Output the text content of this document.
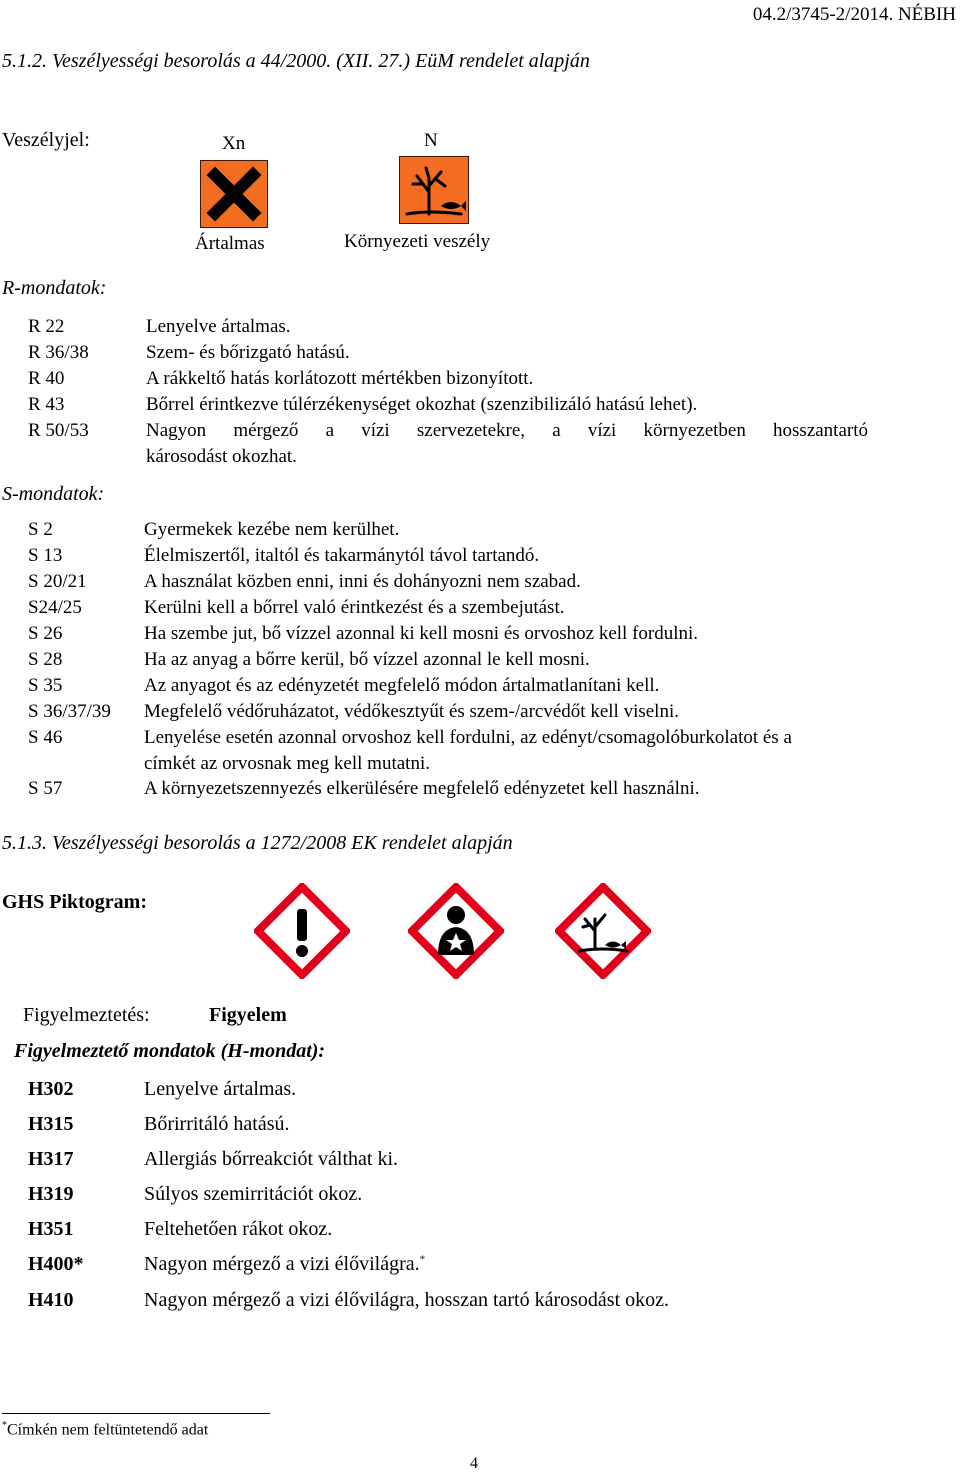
04.2/3745-2/2014. NÉBIH
5.1.2. Veszélyességi besorolás a 44/2000. (XII. 27.) EüM rendelet alapján
Veszélyjel:	Xn
Ártalmas
N
Környezeti veszély
R-mondatok:
R 22	Lenyelve ártalmas.
R 36/38	Szem- és bőrizgató hatású.
R 40	A rákkeltő hatás korlátozott mértékben bizonyított.
R 43	Bőrrel érintkezve túlérzékenységet okozhat (szenzibilizáló hatású lehet).
R 50/53	Nagyon mérgező a vízi szervezetekre, a vízi környezetben hosszantartó
károsodást okozhat.
S-mondatok:
S 2	Gyermekek kezébe nem kerülhet.
S 13	Élelmiszertől, italtól és takarmánytól távol tartandó.
S 20/21	A használat közben enni, inni és dohányozni nem szabad.
S24/25	Kerülni kell a bőrrel való érintkezést és a szembejutást.
S 26	Ha szembe jut, bő vízzel azonnal ki kell mosni és orvoshoz kell fordulni.
S 28	Ha az anyag a bőrre kerül, bő vízzel azonnal le kell mosni.
S 35	Az anyagot és az edényzetét megfelelő módon ártalmatlanítani kell.
S 36/37/39 Megfelelő védőruházatot, védőkesztyűt és szem-/arcvédőt kell viselni.
S 46	Lenyelése esetén azonnal orvoshoz kell fordulni, az edényt/csomagolóburkolatot és a
címkét az orvosnak meg kell mutatni.
S 57	A környezetszennyezés elkerülésére megfelelő edényzetet kell használni.
5.1.3. Veszélyességi besorolás a 1272/2008 EK rendelet alapján
GHS Piktogram:
Figyelmeztetés:	Figyelem
Figyelmeztető mondatok (H-mondat):
H302	Lenyelve ártalmas.
H315	Bőrirritáló hatású.
H317	Allergiás bőrreakciót válthat ki.
H319	Súlyos szemirritációt okoz.
H351	Feltehetően rákot okoz.
H400*	Nagyon mérgező a vizi élővilágra.*
H410	Nagyon mérgező a vizi élővilágra, hosszan tartó károsodást okoz.
*Címkén nem feltüntetendő adat
4
